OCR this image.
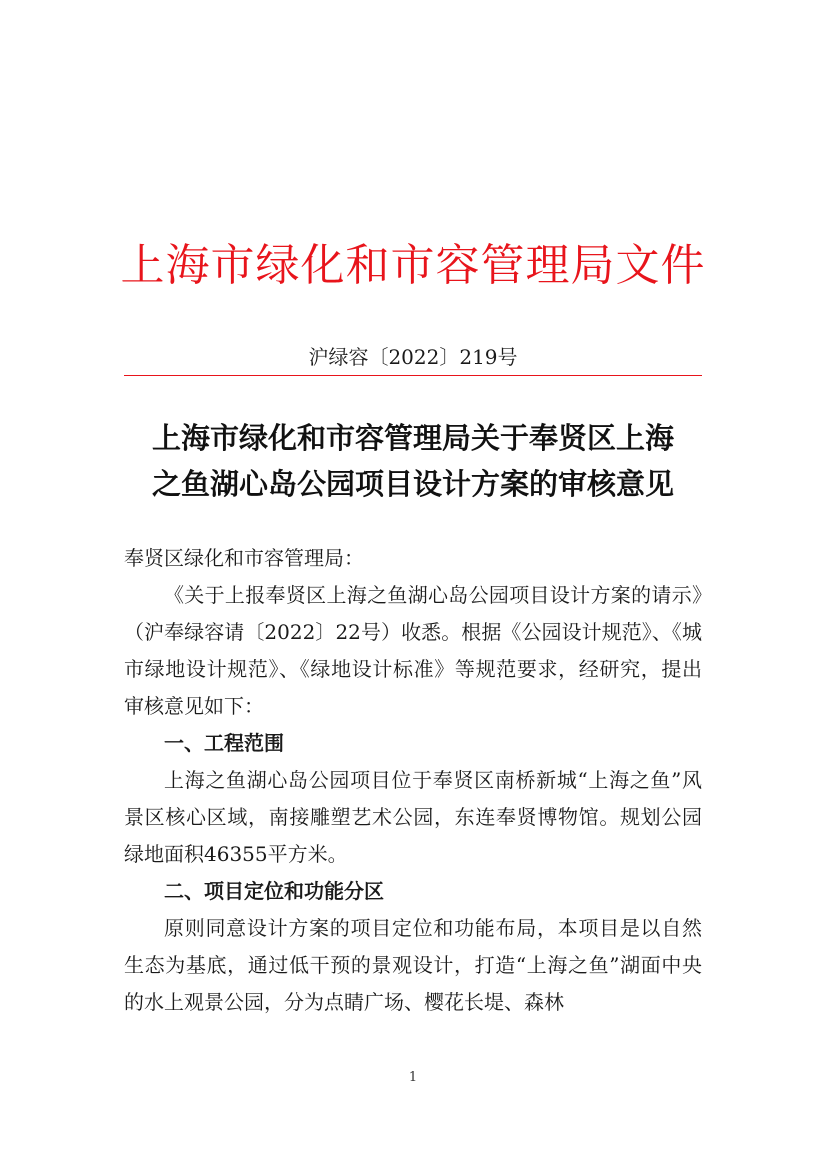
上海市绿化和市容管理局文件
沪绿容〔2022〕219号
上海市绿化和市容管理局关于奉贤区上海
之鱼湖心岛公园项目设计方案的审核意见

奉贤区绿化和市容管理局：

《关于上报奉贤区上海之鱼湖心岛公园项目设计方案的请示》（沪奉绿容请〔2022〕22号）收悉。根据《公园设计规范》、《城市绿地设计规范》、《绿地设计标准》等规范要求，经研究，提出审核意见如下：

一、工程范围

上海之鱼湖心岛公园项目位于奉贤区南桥新城“上海之鱼”风景区核心区域，南接雕塑艺术公园，东连奉贤博物馆。规划公园绿地面积46355平方米。

二、项目定位和功能分区

原则同意设计方案的项目定位和功能布局，本项目是以自然生态为基底，通过低干预的景观设计，打造“上海之鱼”湖面中央的水上观景公园，分为点睛广场、樱花长堤、森林

1
